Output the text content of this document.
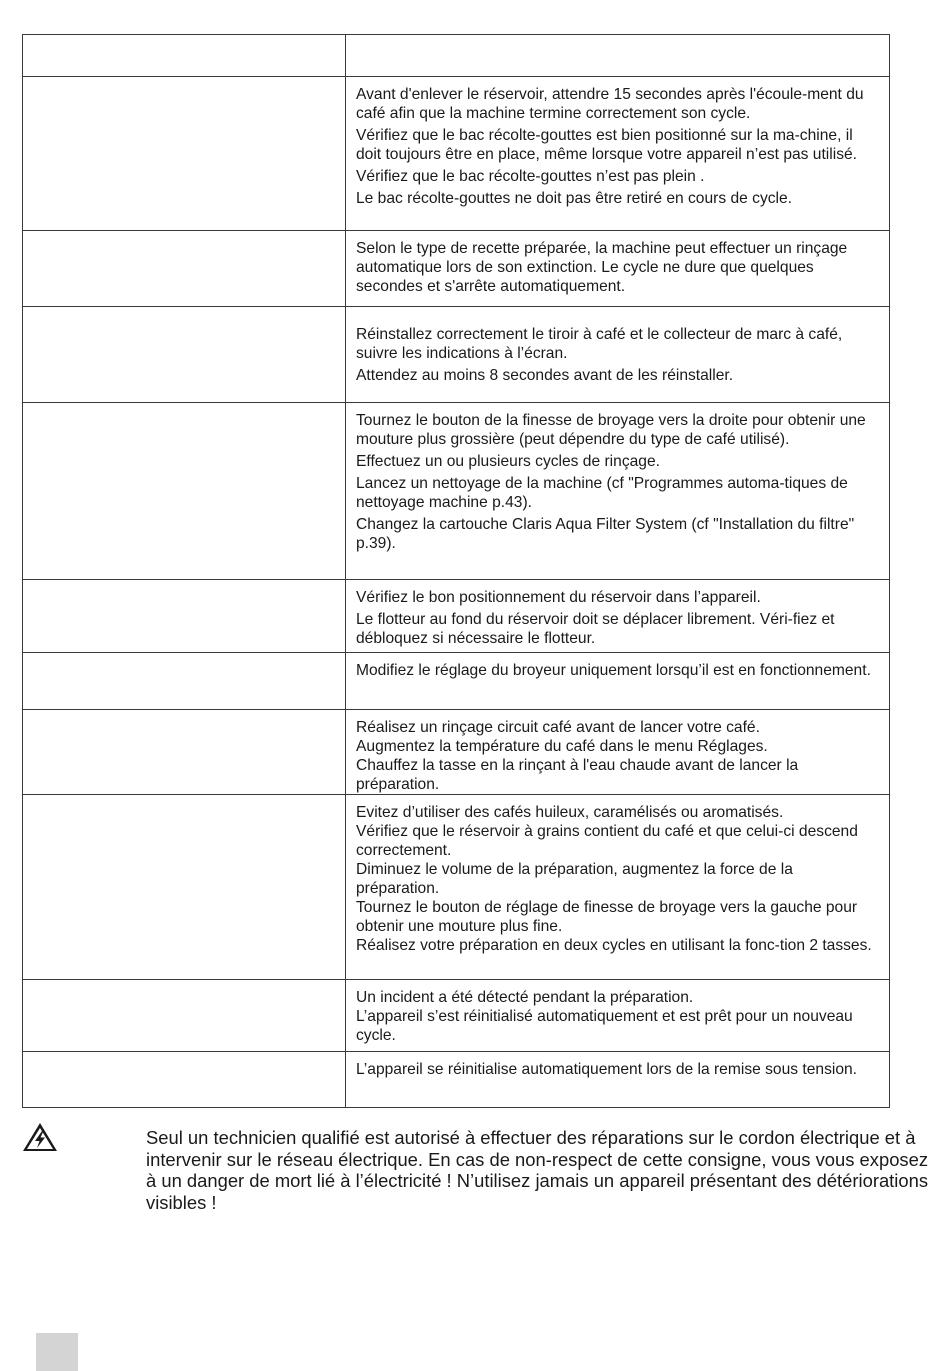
	Avant d'enlever le réservoir, attendre 15 secondes après l'écoule-ment du café afin que la machine termine correctement son cycle.

Vérifiez que le bac récolte-gouttes est bien positionné sur la ma-chine, il doit toujours être en place, même lorsque votre appareil n’est pas utilisé.

Vérifiez que le bac récolte-gouttes n’est pas plein .

Le bac récolte-gouttes ne doit pas être retiré en cours de cycle.

	Selon le type de recette préparée, la machine peut effectuer un rinçage automatique lors de son extinction. Le cycle ne dure que quelques secondes et s'arrête automatiquement.

	Réinstallez correctement le tiroir à café et le collecteur de marc à café, suivre les indications à l’écran.

Attendez au moins 8 secondes avant de les réinstaller.

	Tournez le bouton de la finesse de broyage vers la droite pour obtenir une mouture plus grossière (peut dépendre du type de café utilisé).

Effectuez un ou plusieurs cycles de rinçage.

Lancez un nettoyage de la machine (cf "Programmes automa-tiques de nettoyage machine p.43).

Changez la cartouche Claris Aqua Filter System (cf "Installation du filtre" p.39).

	Vérifiez le bon positionnement du réservoir dans l’appareil.

Le flotteur au fond du réservoir doit se déplacer librement. Véri-fiez et débloquez si nécessaire le flotteur.

	Modifiez le réglage du broyeur uniquement lorsqu’il est en fonctionnement.

	Réalisez un rinçage circuit café avant de lancer votre café.

Augmentez la température du café dans le menu Réglages.

Chauffez la tasse en la rinçant à l'eau chaude avant de lancer la préparation.

	Evitez d’utiliser des cafés huileux, caramélisés ou aromatisés.

Vérifiez que le réservoir à grains contient du café et que celui-ci descend correctement.

Diminuez le volume de la préparation, augmentez la force de la préparation.

Tournez le bouton de réglage de finesse de broyage vers la gauche pour obtenir une mouture plus fine.

Réalisez votre préparation en deux cycles en utilisant la fonc-tion 2 tasses.

	Un incident a été détecté pendant la préparation.

L’appareil s’est réinitialisé automatiquement et est prêt pour un nouveau cycle.

	L’appareil se réinitialise automatiquement lors de la remise sous tension.

Seul un technicien qualifié est autorisé à effectuer des réparations sur le cordon électrique et à intervenir sur le réseau électrique. En cas de non-respect de cette consigne, vous vous exposez à un danger de mort lié à l’électricité ! N’utilisez jamais un appareil présentant des détériorations visibles !
